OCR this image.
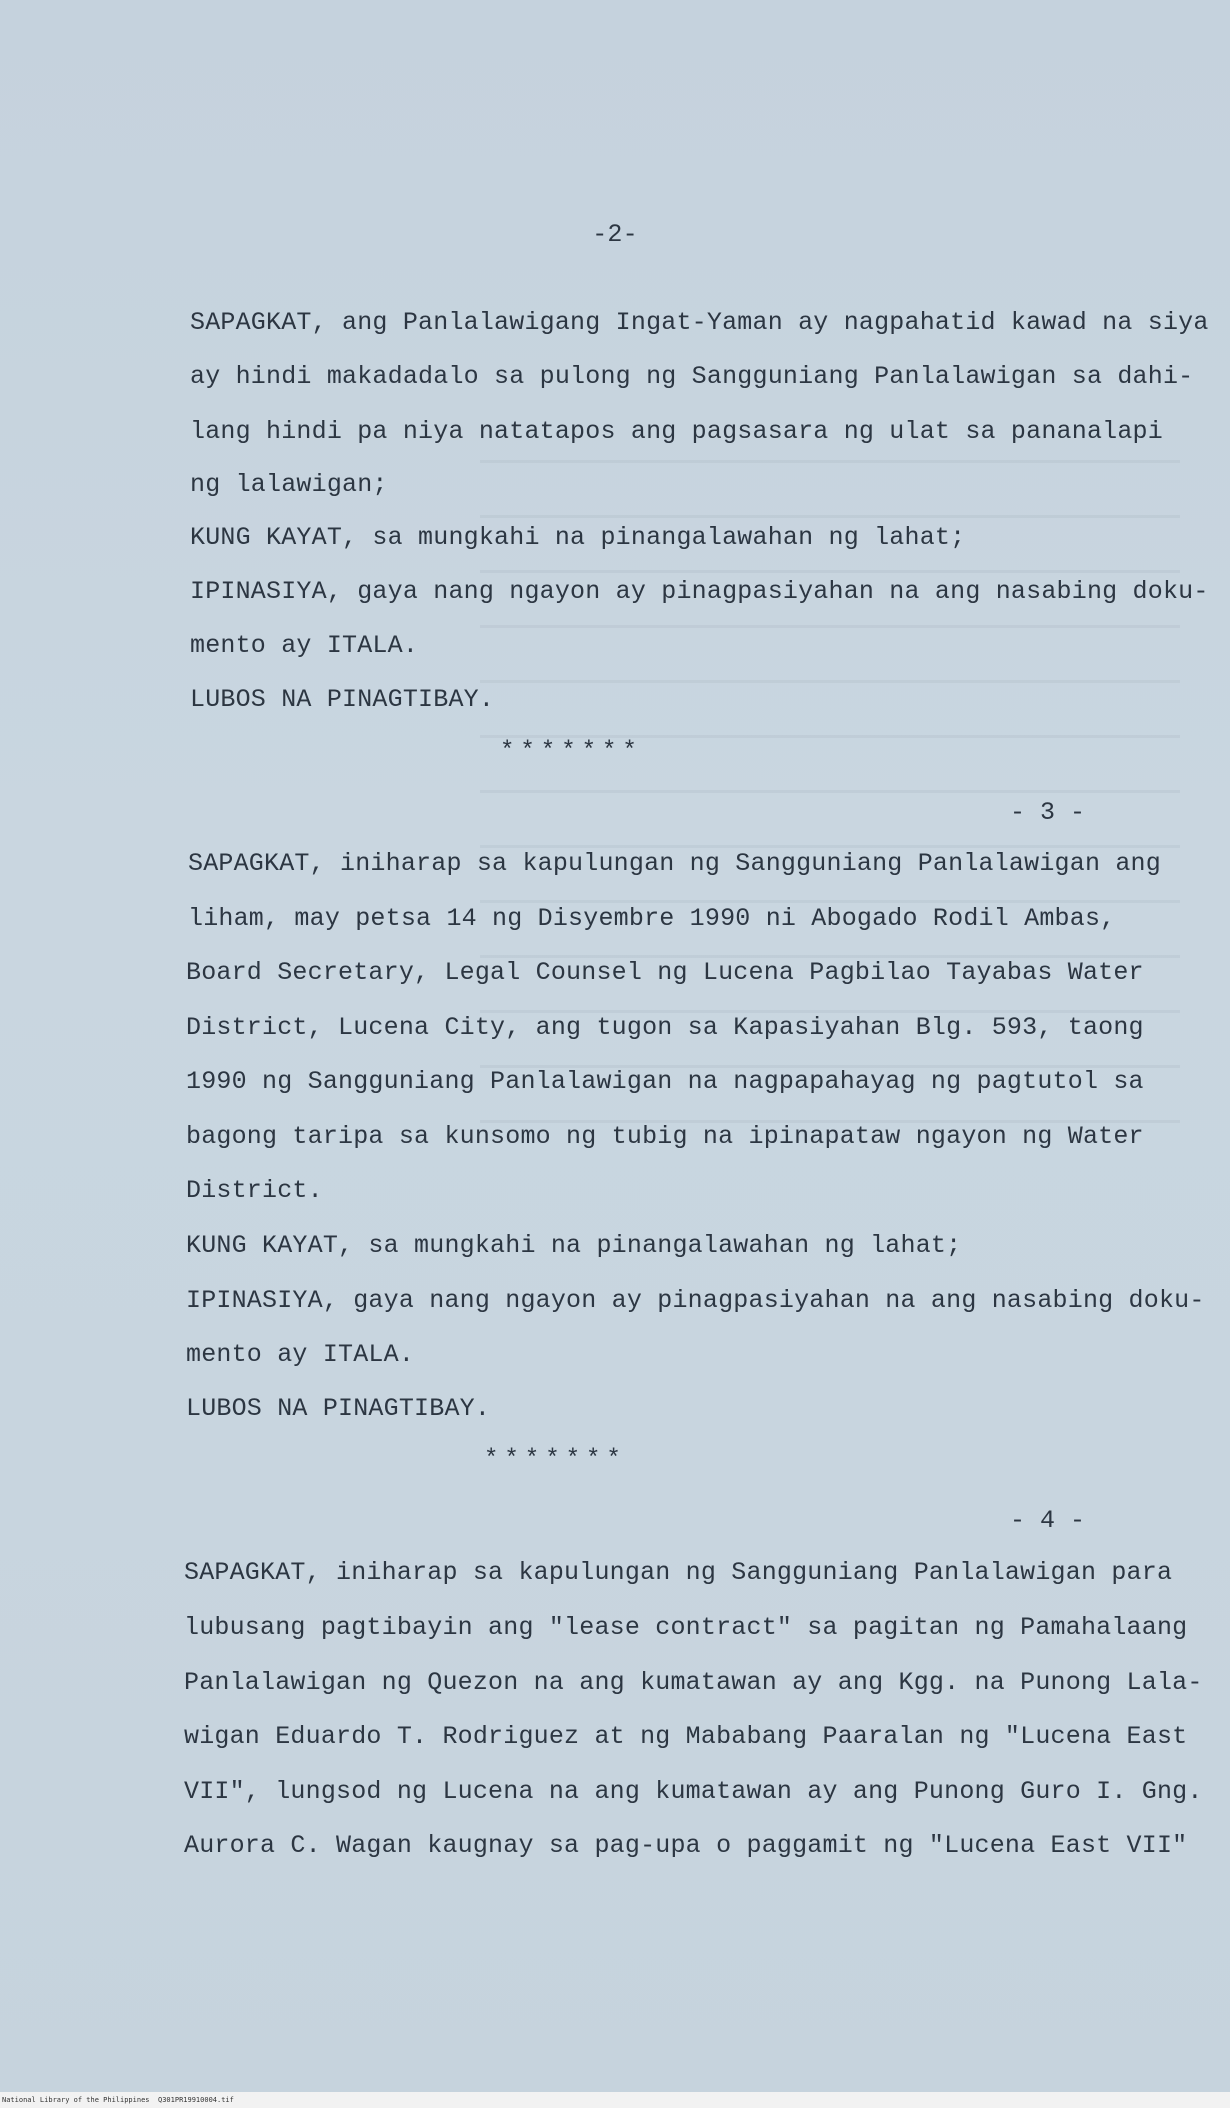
-2-
SAPAGKAT, ang Panlalawigang Ingat-Yaman ay nagpahatid kawad na siya
ay hindi makadadalo sa pulong ng Sangguniang Panlalawigan sa dahi-
lang hindi pa niya natatapos ang pagsasara ng ulat sa pananalapi
ng lalawigan;
KUNG KAYAT, sa mungkahi na pinangalawahan ng lahat;
IPINASIYA, gaya nang ngayon ay pinagpasiyahan na ang nasabing doku-
mento ay ITALA.
LUBOS NA PINAGTIBAY.
*******
- 3 -
SAPAGKAT, iniharap sa kapulungan ng Sangguniang Panlalawigan ang
liham, may petsa 14 ng Disyembre 1990 ni Abogado Rodil Ambas,
Board Secretary, Legal Counsel ng Lucena Pagbilao Tayabas Water
District, Lucena City, ang tugon sa Kapasiyahan Blg. 593, taong
1990 ng Sangguniang Panlalawigan na nagpapahayag ng pagtutol sa
bagong taripa sa kunsomo ng tubig na ipinapataw ngayon ng Water
District.
KUNG KAYAT, sa mungkahi na pinangalawahan ng lahat;
IPINASIYA, gaya nang ngayon ay pinagpasiyahan na ang nasabing doku-
mento ay ITALA.
LUBOS NA PINAGTIBAY.
*******
- 4 -
SAPAGKAT, iniharap sa kapulungan ng Sangguniang Panlalawigan para
lubusang pagtibayin ang "lease contract" sa pagitan ng Pamahalaang
Panlalawigan ng Quezon na ang kumatawan ay ang Kgg. na Punong Lala-
wigan Eduardo T. Rodriguez at ng Mababang Paaralan ng "Lucena East
VII", lungsod ng Lucena na ang kumatawan ay ang Punong Guro I. Gng.
Aurora C. Wagan kaugnay sa pag-upa o paggamit ng "Lucena East VII"
National Library of the Philippines Q301PR19910004.tif
